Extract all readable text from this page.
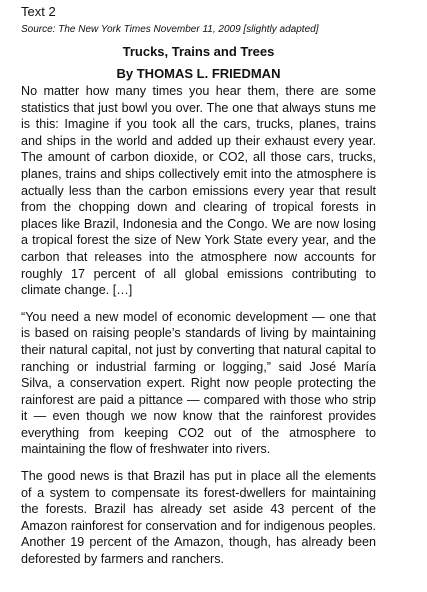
Text 2

Source: The New York Times November 11, 2009 [slightly adapted]

Trucks, Trains and Trees

By THOMAS L. FRIEDMAN

No matter how many times you hear them, there are some statistics that just bowl you over. The one that always stuns me is this: Imagine if you took all the cars, trucks, planes, trains and ships in the world and added up their exhaust every year. The amount of carbon dioxide, or CO2, all those cars, trucks, planes, trains and ships collectively emit into the atmosphere is actually less than the carbon emissions every year that result from the chopping down and clearing of tropical forests in places like Brazil, Indonesia and the Congo. We are now losing a tropical forest the size of New York State every year, and the carbon that releases into the atmosphere now accounts for roughly 17 percent of all global emissions contributing to climate change. […]

“You need a new model of economic development — one that is based on raising people’s standards of living by maintaining their natural capital, not just by converting that natural capital to ranching or industrial farming or logging,” said José María Silva, a conservation expert. Right now people protecting the rainforest are paid a pittance — compared with those who strip it — even though we now know that the rainforest provides everything from keeping CO2 out of the atmosphere to maintaining the flow of freshwater into rivers.

The good news is that Brazil has put in place all the elements of a system to compensate its forest-dwellers for maintaining the forests. Brazil has already set aside 43 percent of the Amazon rainforest for conservation and for indigenous peoples. Another 19 percent of the Amazon, though, has already been deforested by farmers and ranchers.
